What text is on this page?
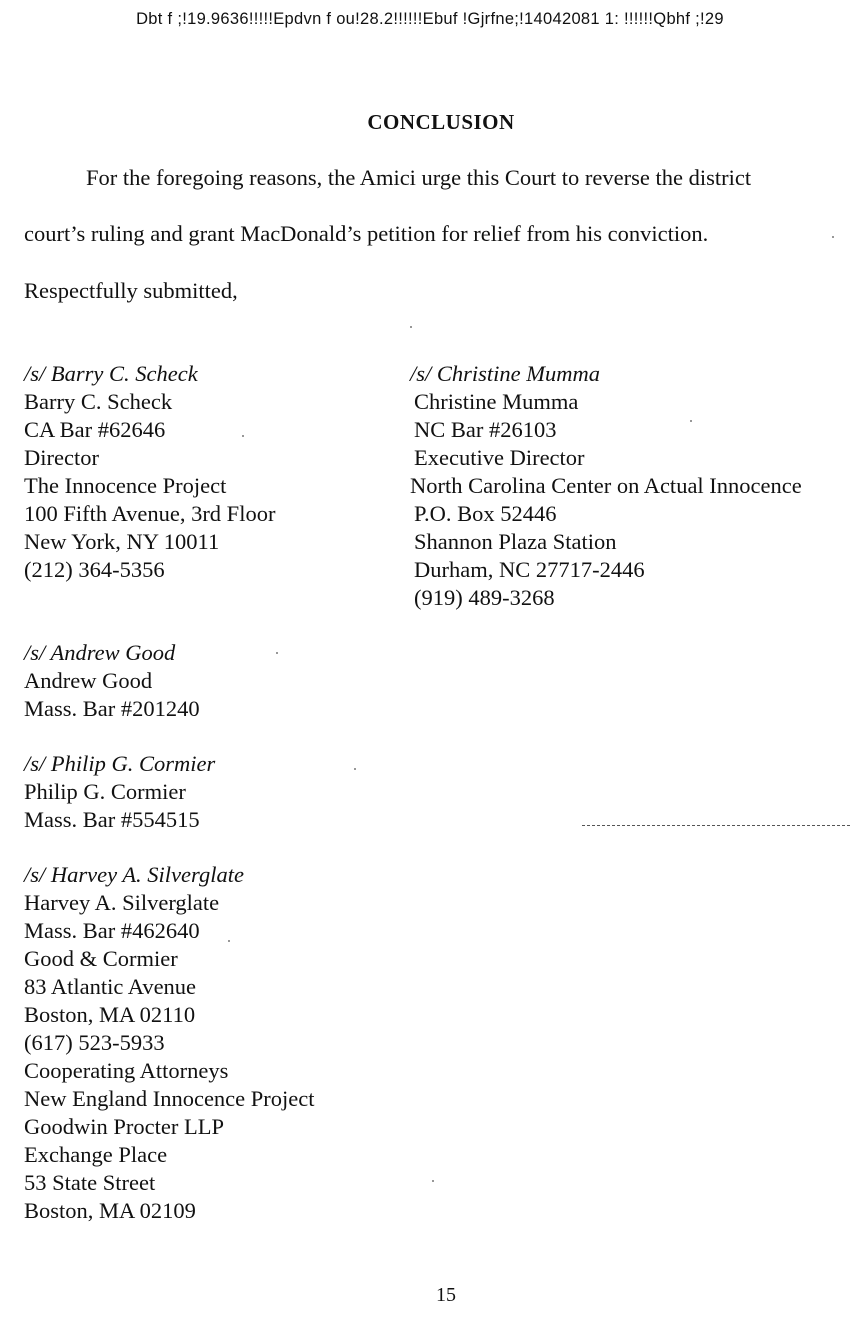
Dbt f ;!19.9636!!!!!Epdvn f ou!28.2!!!!!!Ebuf !Gjrfne;!14042081 1: !!!!!!Qbhf ;!29
CONCLUSION
For the foregoing reasons, the Amici urge this Court to reverse the district
court’s ruling and grant MacDonald’s petition for relief from his conviction.
Respectfully submitted,
/s/ Barry C. Scheck
Barry C. Scheck
CA Bar #62646
Director
The Innocence Project
100 Fifth Avenue, 3rd Floor
New York, NY 10011
(212) 364-5356
/s/ Christine Mumma
Christine Mumma
NC Bar #26103
Executive Director
North Carolina Center on Actual Innocence
P.O. Box 52446
Shannon Plaza Station
Durham, NC 27717-2446
(919) 489-3268
/s/ Andrew Good
Andrew Good
Mass. Bar #201240
/s/ Philip G. Cormier
Philip G. Cormier
Mass. Bar #554515
/s/ Harvey A. Silverglate
Harvey A. Silverglate
Mass. Bar #462640
Good & Cormier
83 Atlantic Avenue
Boston, MA 02110
(617) 523-5933
Cooperating Attorneys
New England Innocence Project
Goodwin Procter LLP
Exchange Place
53 State Street
Boston, MA 02109
15
